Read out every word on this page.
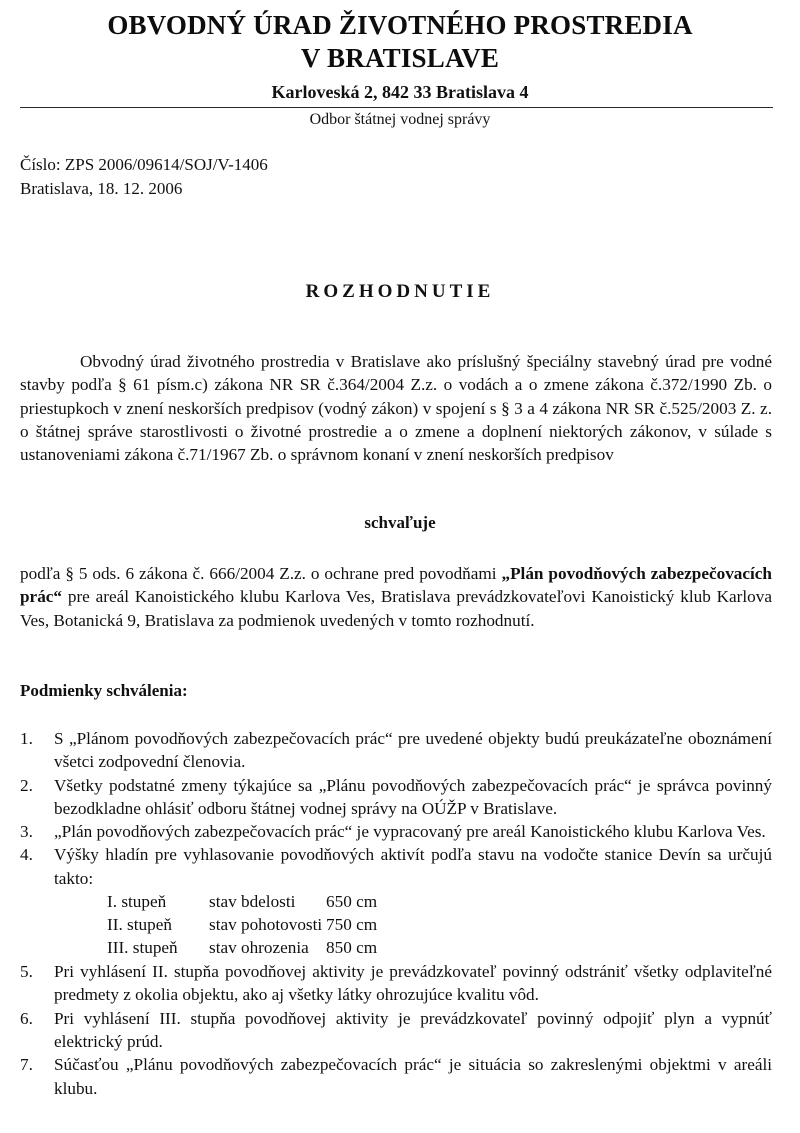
OBVODNÝ ÚRAD ŽIVOTNÉHO PROSTREDIA
V BRATISLAVE
Karloveská 2, 842 33 Bratislava 4
Odbor štátnej vodnej správy
Číslo: ZPS 2006/09614/SOJ/V-1406
Bratislava, 18. 12. 2006
ROZHODNUTIE
Obvodný úrad životného prostredia v Bratislave ako príslušný špeciálny stavebný úrad pre vodné stavby podľa § 61 písm.c) zákona NR SR č.364/2004 Z.z. o vodách a o zmene zákona č.372/1990 Zb. o priestupkoch v znení neskorších predpisov (vodný zákon) v spojení s § 3 a 4 zákona NR SR č.525/2003 Z. z. o štátnej správe starostlivosti o životné prostredie a o zmene a doplnení niektorých zákonov, v súlade s ustanoveniami zákona č.71/1967 Zb. o správnom konaní v znení neskorších predpisov
schvaľuje
podľa § 5 ods. 6 zákona č. 666/2004 Z.z. o ochrane pred povodňami „Plán povodňových zabezpečovacích prác“ pre areál Kanoistického klubu Karlova Ves, Bratislava prevádzkovateľovi Kanoistický klub Karlova Ves, Botanická 9, Bratislava za podmienok uvedených v tomto rozhodnutí.
Podmienky schválenia:
1. S „Plánom povodňových zabezpečovacích prác“ pre uvedené objekty budú preukázateľne oboznámení všetci zodpovední členovia.
2. Všetky podstatné zmeny týkajúce sa „Plánu povodňových zabezpečovacích prác“ je správca povinný bezodkladne ohlásiť odboru štátnej vodnej správy na OÚŽP v Bratislave.
3. „Plán povodňových zabezpečovacích prác“ je vypracovaný pre areál Kanoistického klubu Karlova Ves.
4. Výšky hladín pre vyhlasovanie povodňových aktivít podľa stavu na vodočte stanice Devín sa určujú takto:
I. stupeň stav bdelosti 650 cm
II. stupeň stav pohotovosti 750 cm
III. stupeň stav ohrozenia 850 cm
5. Pri vyhlásení II. stupňa povodňovej aktivity je prevádzkovateľ povinný odstrániť všetky odplaviteľné predmety z okolia objektu, ako aj všetky látky ohrozujúce kvalitu vôd.
6. Pri vyhlásení III. stupňa povodňovej aktivity je prevádzkovateľ povinný odpojiť plyn a vypnúť elektrický prúd.
7. Súčasťou „Plánu povodňových zabezpečovacích prác“ je situácia so zakreslenými objektmi v areáli klubu.
